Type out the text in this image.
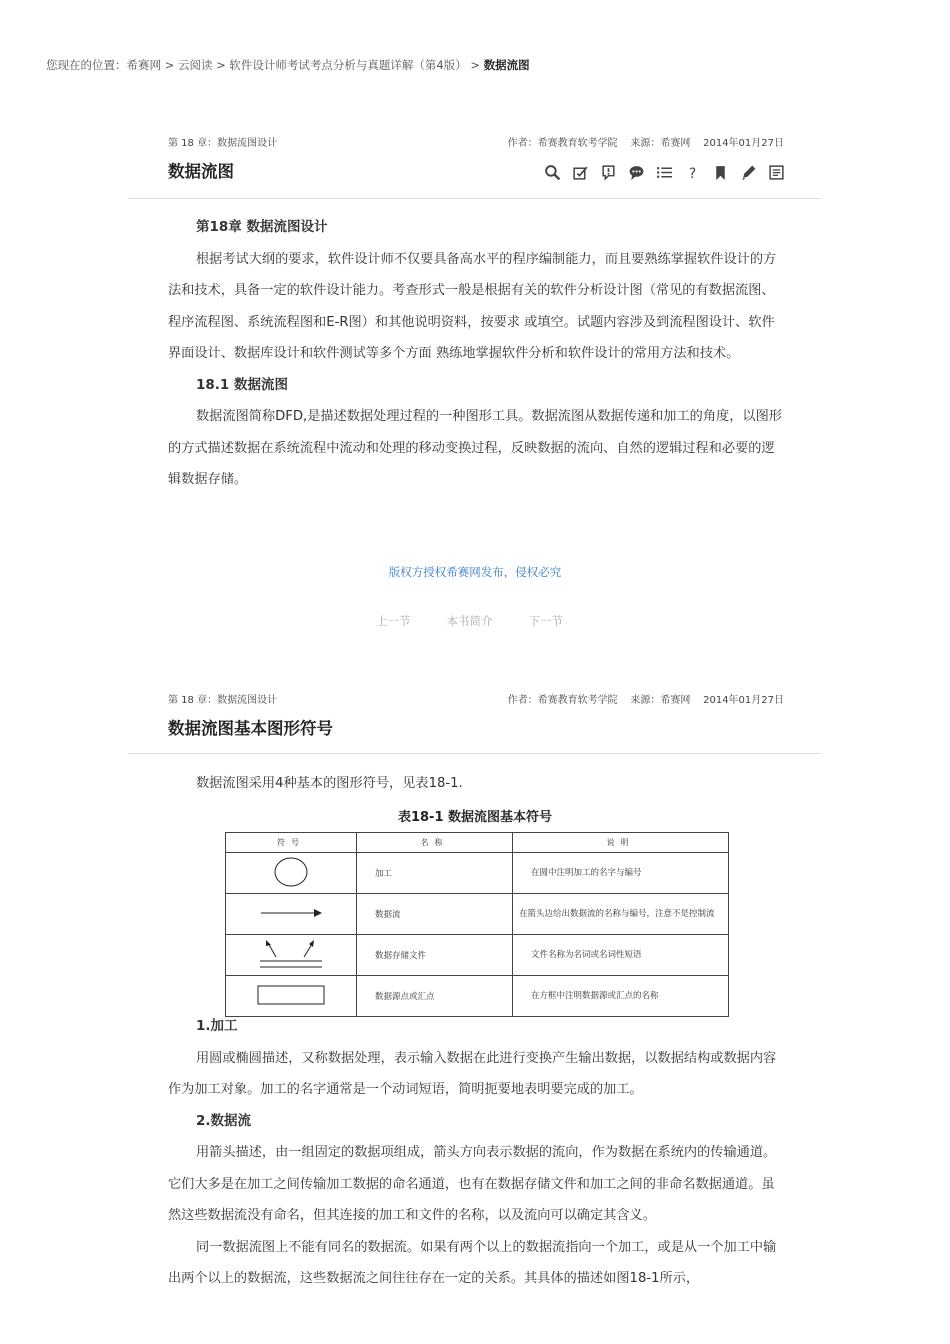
您现在的位置：希赛网 > 云阅读 > 软件设计师考试考点分析与真题详解（第4版） > 数据流图
第 18 章：数据流图设计	作者：希赛教育软考学院    来源：希赛网    2014年01月27日
数据流图	?
第18章 数据流图设计

根据考试大纲的要求，软件设计师不仅要具备高水平的程序编制能力，而且要熟练掌握软件设计的方法和技术，具备一定的软件设计能力。考查形式一般是根据有关的软件分析设计图（常见的有数据流图、程序流程图、系统流程图和E-R图）和其他说明资料，按要求 或填空。试题内容涉及到流程图设计、软件界面设计、数据库设计和软件测试等多个方面 熟练地掌握软件分析和软件设计的常用方法和技术。

18.1 数据流图

数据流图简称DFD,是描述数据处理过程的一种图形工具。数据流图从数据传递和加工的角度，以图形的方式描述数据在系统流程中流动和处理的移动变换过程，反映数据的流向、自然的逻辑过程和必要的逻辑数据存储。

版权方授权希赛网发布，侵权必究
上一节	本书简介	下一节
第 18 章：数据流图设计	作者：希赛教育软考学院    来源：希赛网    2014年01月27日
数据流图基本图形符号

数据流图采用4种基本的图形符号，见表18-1.

表18-1 数据流图基本符号
符号	名称	说明
	加工	在圆中注明加工的名字与编号
	数据流	在箭头边给出数据流的名称与编号，注意不是控制流
	数据存储文件	文件名称为名词或名词性短语
	数据源点或汇点	在方框中注明数据源或汇点的名称
1.加工

用圆或椭圆描述，又称数据处理，表示输入数据在此进行变换产生输出数据，以数据结构或数据内容作为加工对象。加工的名字通常是一个动词短语，简明扼要地表明要完成的加工。

2.数据流

用箭头描述，由一组固定的数据项组成，箭头方向表示数据的流向，作为数据在系统内的传输通道。它们大多是在加工之间传输加工数据的命名通道，也有在数据存储文件和加工之间的非命名数据通道。虽然这些数据流没有命名，但其连接的加工和文件的名称，以及流向可以确定其含义。

同一数据流图上不能有同名的数据流。如果有两个以上的数据流指向一个加工，或是从一个加工中输出两个以上的数据流，这些数据流之间往往存在一定的关系。其具体的描述如图18-1所示，
